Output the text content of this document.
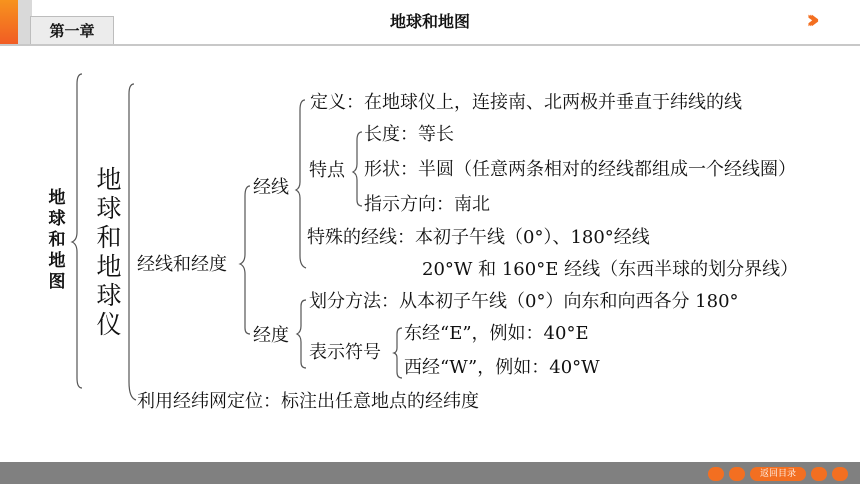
第一章	地球和地图	›››
地球和地图
地球和地球仪
经线和经度
经线
定义：在地球仪上，连接南、北两极并垂直于纬线的线
特点
长度：等长
形状：半圆（任意两条相对的经线都组成一个经线圈）
指示方向：南北
特殊的经线：本初子午线（0°）、180°经线
20°W 和 160°E 经线（东西半球的划分界线）
经度
划分方法：从本初子午线（0°）向东和向西各分 180°
表示符号
东经“E”，例如：40°E
西经“W”，例如：40°W
利用经纬网定位：标注出任意地点的经纬度
返回目录
